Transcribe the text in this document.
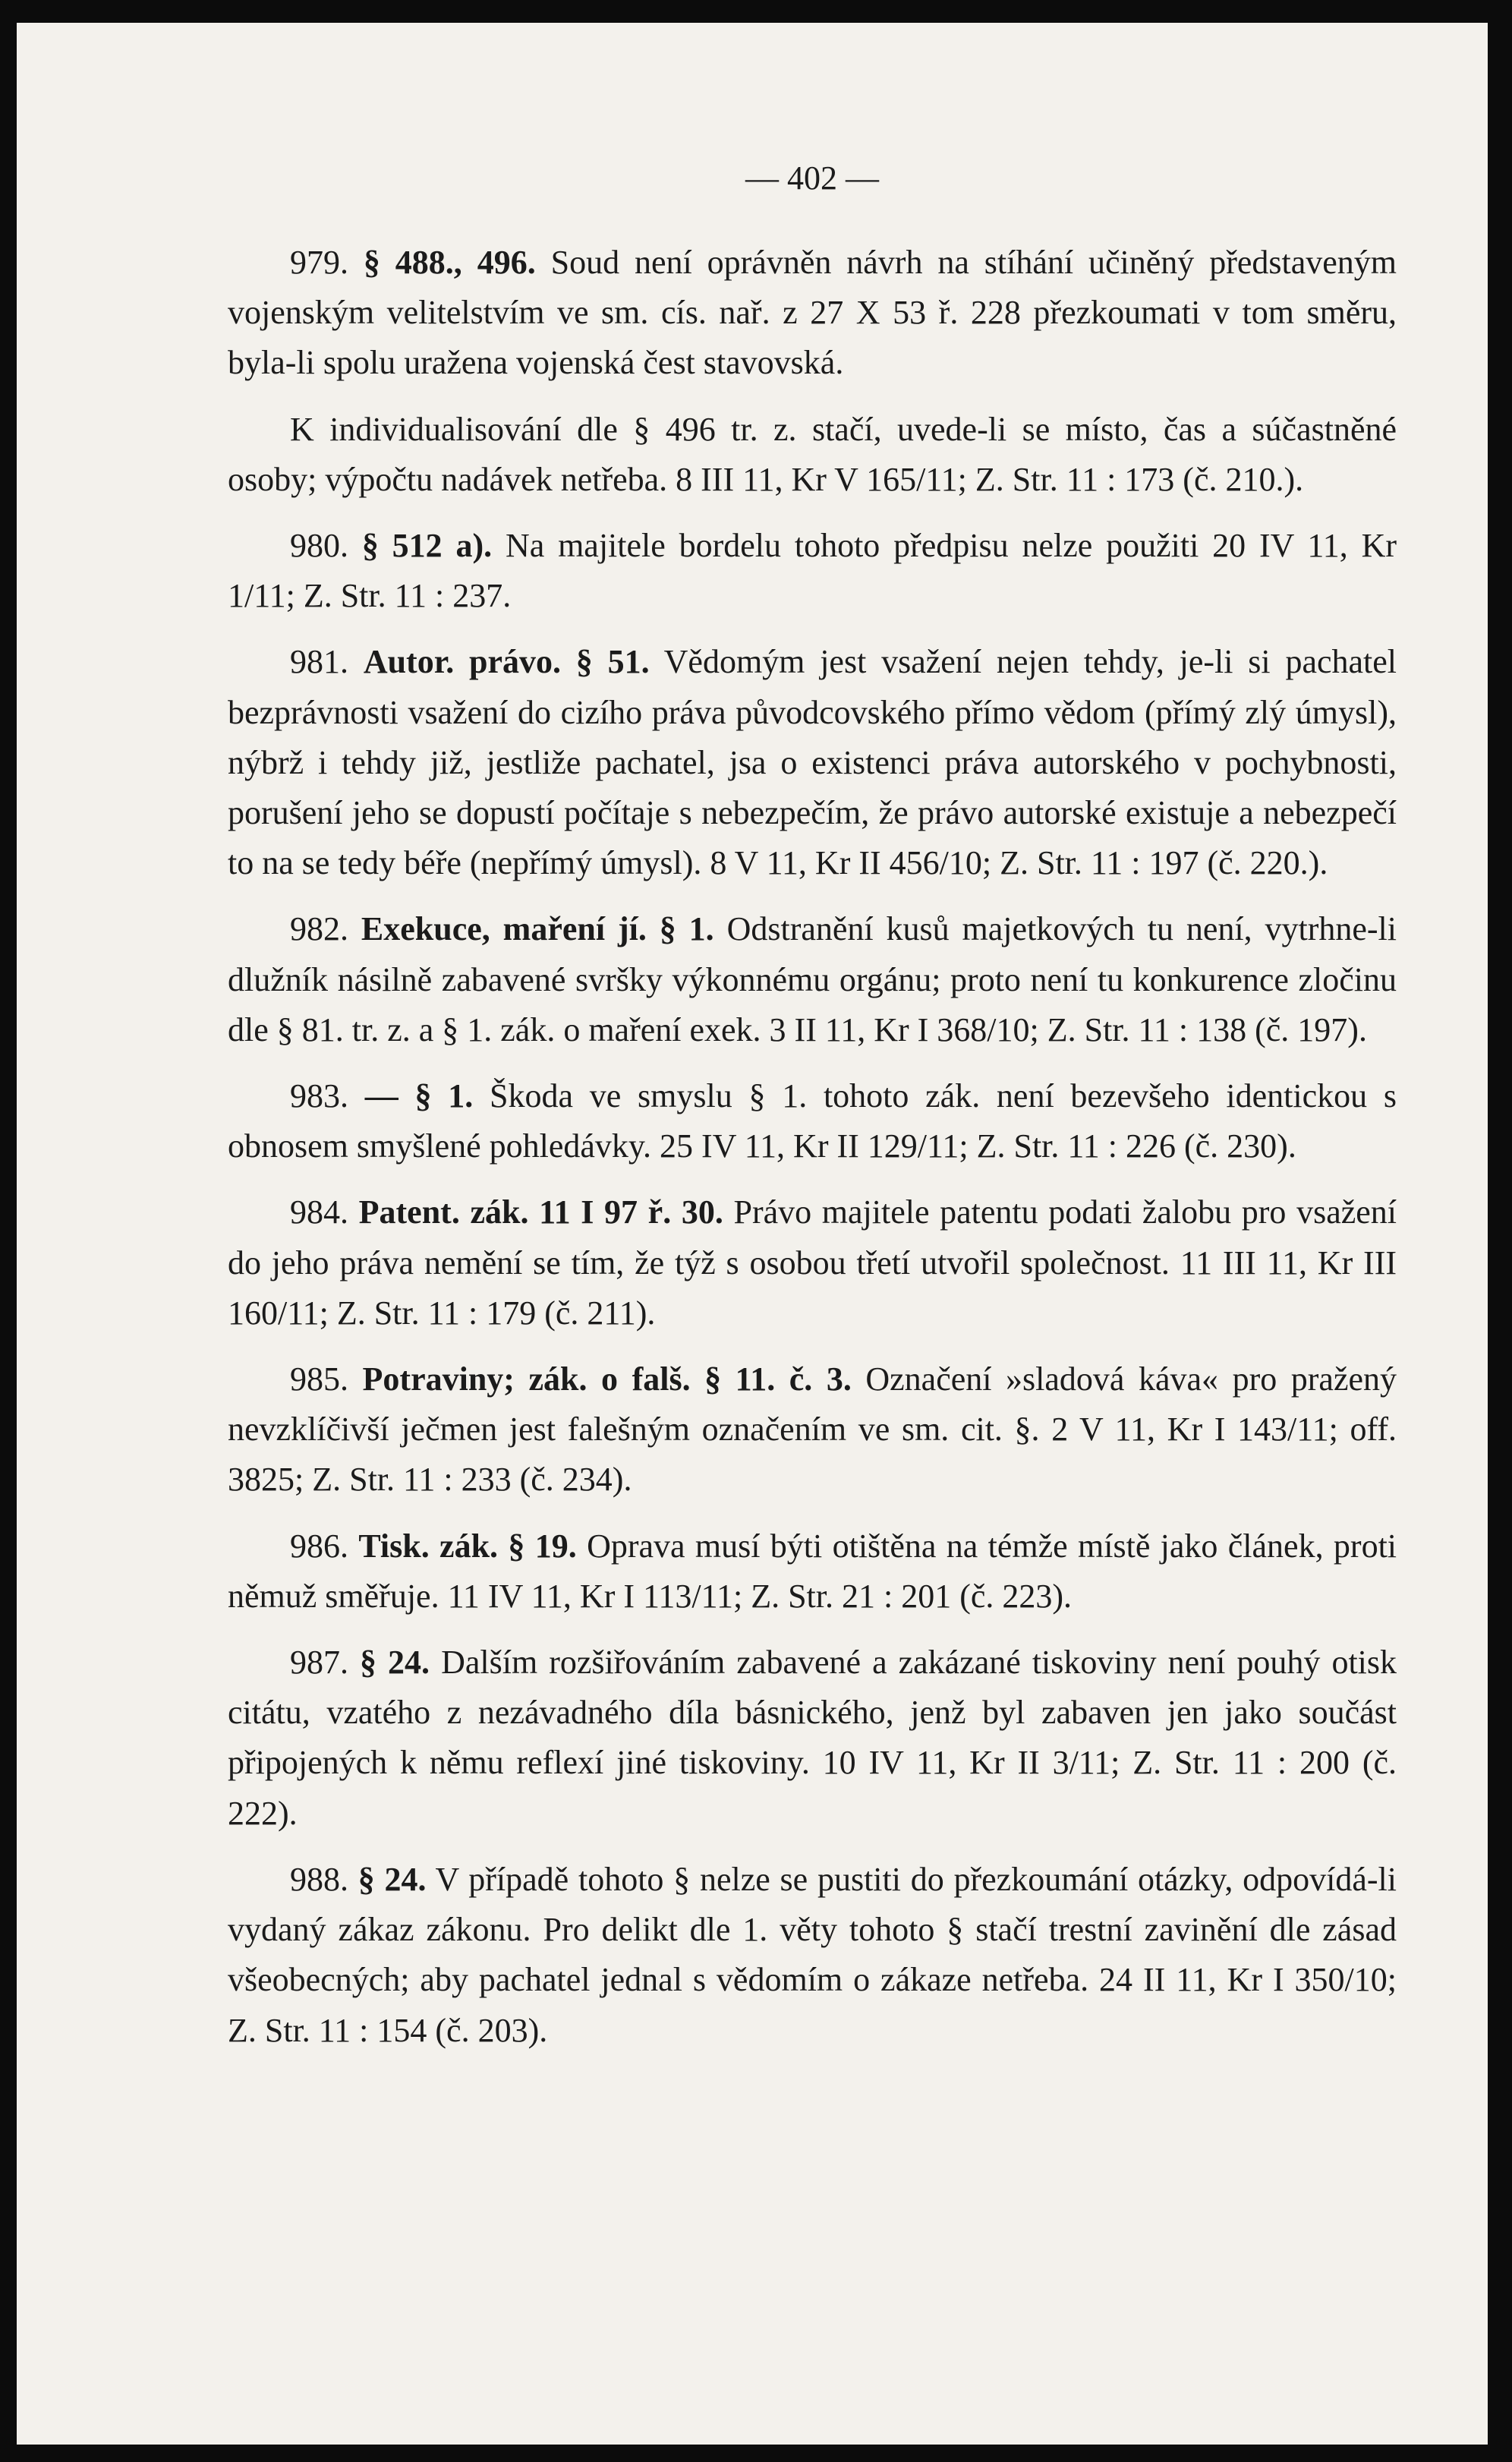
— 402 —

979. § 488., 496. Soud není oprávněn návrh na stíhání učiněný představeným vojenským velitelstvím ve sm. cís. nař. z 27 X 53 ř. 228 přezkoumati v tom směru, byla-li spolu uražena vojenská čest stavovská.

K individualisování dle § 496 tr. z. stačí, uvede-li se místo, čas a súčastněné osoby; výpočtu nadávek netřeba. 8 III 11, Kr V 165/11; Z. Str. 11 : 173 (č. 210.).

980. § 512 a). Na majitele bordelu tohoto předpisu nelze použiti 20 IV 11, Kr 1/11; Z. Str. 11 : 237.

981. Autor. právo. § 51. Vědomým jest vsažení nejen tehdy, je-li si pachatel bezprávnosti vsažení do cizího práva původcovského přímo vědom (přímý zlý úmysl), nýbrž i tehdy již, jestliže pachatel, jsa o existenci práva autorského v pochybnosti, porušení jeho se dopustí počítaje s nebezpečím, že právo autorské existuje a nebezpečí to na se tedy béře (nepřímý úmysl). 8 V 11, Kr II 456/10; Z. Str. 11 : 197 (č. 220.).

982. Exekuce, maření jí. § 1. Odstranění kusů majetkových tu není, vytrhne-li dlužník násilně zabavené svršky výkonnému orgánu; proto není tu konkurence zločinu dle § 81. tr. z. a § 1. zák. o maření exek. 3 II 11, Kr I 368/10; Z. Str. 11 : 138 (č. 197).

983. — § 1. Škoda ve smyslu § 1. tohoto zák. není bezevšeho identickou s obnosem smyšlené pohledávky. 25 IV 11, Kr II 129/11; Z. Str. 11 : 226 (č. 230).

984. Patent. zák. 11 I 97 ř. 30. Právo majitele patentu podati žalobu pro vsažení do jeho práva nemění se tím, že týž s osobou třetí utvořil společnost. 11 III 11, Kr III 160/11; Z. Str. 11 : 179 (č. 211).

985. Potraviny; zák. o falš. § 11. č. 3. Označení »sladová káva« pro pražený nevzklíčivší ječmen jest falešným označením ve sm. cit. §. 2 V 11, Kr I 143/11; off. 3825; Z. Str. 11 : 233 (č. 234).

986. Tisk. zák. § 19. Oprava musí býti otištěna na témže místě jako článek, proti němuž směřuje. 11 IV 11, Kr I 113/11; Z. Str. 21 : 201 (č. 223).

987. § 24. Dalším rozšiřováním zabavené a zakázané tiskoviny není pouhý otisk citátu, vzatého z nezávadného díla básnického, jenž byl zabaven jen jako součást připojených k němu reflexí jiné tiskoviny. 10 IV 11, Kr II 3/11; Z. Str. 11 : 200 (č. 222).

988. § 24. V případě tohoto § nelze se pustiti do přezkoumání otázky, odpovídá-li vydaný zákaz zákonu. Pro delikt dle 1. věty tohoto § stačí trestní zavinění dle zásad všeobecných; aby pachatel jednal s vědomím o zákaze netřeba. 24 II 11, Kr I 350/10; Z. Str. 11 : 154 (č. 203).
